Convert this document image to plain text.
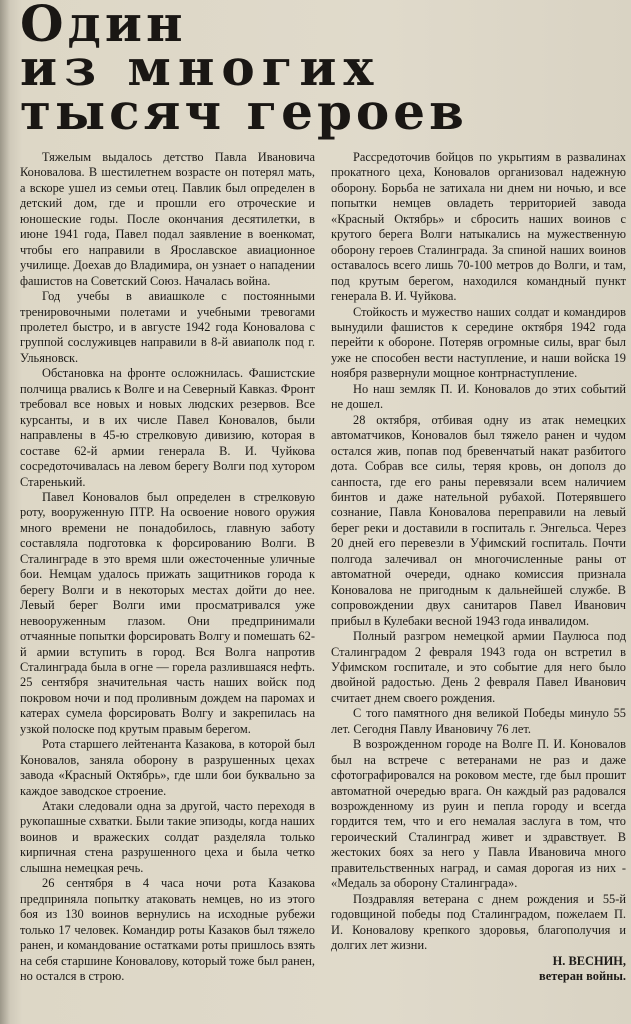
Один
из многих
тысяч героев

Тяжелым выдалось детство Павла Ивановича Коновалова. В шестилетнем возрасте он потерял мать, а вскоре ушел из семьи отец. Павлик был определен в детский дом, где и прошли его отроческие и юношеские годы. После окончания десятилетки, в июне 1941 года, Павел подал заявление в военкомат, чтобы его направили в Ярославское авиационное училище. Доехав до Владимира, он узнает о нападении фашистов на Советский Союз. Началась война.

Год учебы в авиашколе с постоянными тренировочными полетами и учебными тревогами пролетел быстро, и в августе 1942 года Коновалова с группой сослуживцев направили в 8-й авиаполк под г. Ульяновск.

Обстановка на фронте осложнилась. Фашистские полчища рвались к Волге и на Северный Кавказ. Фронт требовал все новых и новых людских резервов. Все курсанты, и в их числе Павел Коновалов, были направлены в 45-ю стрелковую дивизию, которая в составе 62-й армии генерала В. И. Чуйкова сосредоточивалась на левом берегу Волги под хутором Старенький.

Павел Коновалов был определен в стрелковую роту, вооруженную ПТР. На освоение нового оружия много времени не понадобилось, главную заботу составляла подготовка к форсированию Волги. В Сталинграде в это время шли ожесточенные уличные бои. Немцам удалось прижать защитников города к берегу Волги и в некоторых местах дойти до нее. Левый берег Волги ими просматривался уже невооруженным глазом. Они предпринимали отчаянные попытки форсировать Волгу и помешать 62-й армии вступить в город. Вся Волга напротив Сталинграда была в огне — горела разлившаяся нефть. 25 сентября значительная часть наших войск под покровом ночи и под проливным дождем на паромах и катерах сумела форсировать Волгу и закрепилась на узкой полоске под крутым правым берегом.

Рота старшего лейтенанта Казакова, в которой был Коновалов, заняла оборону в разрушенных цехах завода «Красный Октябрь», где шли бои буквально за каждое заводское строение.

Атаки следовали одна за другой, часто переходя в рукопашные схватки. Были такие эпизоды, когда наших воинов и вражеских солдат разделяла только кирпичная стена разрушенного цеха и была четко слышна немецкая речь.

26 сентября в 4 часа ночи рота Казакова предприняла попытку атаковать немцев, но из этого боя из 130 воинов вернулись на исходные рубежи только 17 человек. Командир роты Казаков был тяжело ранен, и командование остатками роты пришлось взять на себя старшине Коновалову, который тоже был ранен, но остался в строю.

Рассредоточив бойцов по укрытиям в развалинах прокатного цеха, Коновалов организовал надежную оборону. Борьба не затихала ни днем ни ночью, и все попытки немцев овладеть территорией завода «Красный Октябрь» и сбросить наших воинов с крутого берега Волги натыкались на мужественную оборону героев Сталинграда. За спиной наших воинов оставалось всего лишь 70-100 метров до Волги, и там, под крутым берегом, находился командный пункт генерала В. И. Чуйкова.

Стойкость и мужество наших солдат и командиров вынудили фашистов к середине октября 1942 года перейти к обороне. Потеряв огромные силы, враг был уже не способен вести наступление, и наши войска 19 ноября развернули мощное контрнаступление.

Но наш земляк П. И. Коновалов до этих событий не дошел.

28 октября, отбивая одну из атак немецких автоматчиков, Коновалов был тяжело ранен и чудом остался жив, попав под бревенчатый накат разбитого дота. Собрав все силы, теряя кровь, он дополз до санпоста, где его раны перевязали всем наличием бинтов и даже нательной рубахой. Потерявшего сознание, Павла Коновалова переправили на левый берег реки и доставили в госпиталь г. Энгельса. Через 20 дней его перевезли в Уфимский госпиталь. Почти полгода залечивал он многочисленные раны от автоматной очереди, однако комиссия признала Коновалова не пригодным к дальнейшей службе. В сопровождении двух санитаров Павел Иванович прибыл в Кулебаки весной 1943 года инвалидом.

Полный разгром немецкой армии Паулюса под Сталинградом 2 февраля 1943 года он встретил в Уфимском госпитале, и это событие для него было двойной радостью. День 2 февраля Павел Иванович считает днем своего рождения.

С того памятного дня великой Победы минуло 55 лет. Сегодня Павлу Ивановичу 76 лет.

В возрожденном городе на Волге П. И. Коновалов был на встрече с ветеранами не раз и даже сфотографировался на роковом месте, где был прошит автоматной очередью врага. Он каждый раз радовался возрожденному из руин и пепла городу и всегда гордится тем, что и его немалая заслуга в том, что героический Сталинград живет и здравствует. В жестоких боях за него у Павла Ивановича много правительственных наград, и самая дорогая из них - «Медаль за оборону Сталинграда».

Поздравляя ветерана с днем рождения и 55-й годовщиной победы под Сталинградом, пожелаем П. И. Коновалову крепкого здоровья, благополучия и долгих лет жизни.

Н. ВЕСНИН,

ветеран войны.
